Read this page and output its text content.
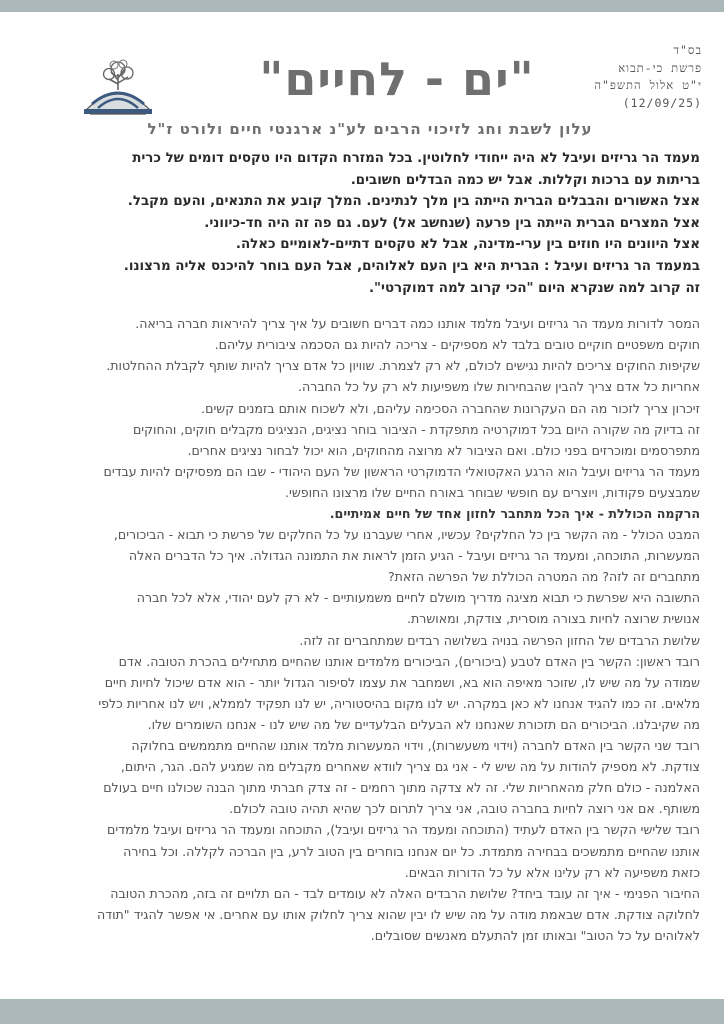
בס"ד
פרשת כי-תבוא
י"ט אלול התשפ"ה
(12/09/25)
"ים - לחיים"
עלון לשבת וחג לזיכוי הרבים לע"נ ארגנטי חיים ולורט ז"ל

מעמד הר גריזים ועיבל לא היה ייחודי לחלוטין. בכל המזרח הקדום היו טקסים דומים של כרית

בריתות עם ברכות וקללות. אבל יש כמה הבדלים חשובים.

אצל האשורים והבבלים הברית הייתה בין מלך לנתינים. המלך קובע את התנאים, והעם מקבל.

אצל המצרים הברית הייתה בין פרעה (שנחשב אל) לעם. גם פה זה היה חד-כיווני.

אצל היוונים היו חוזים בין ערי-מדינה, אבל לא טקסים דתיים-לאומיים כאלה.

במעמד הר גריזים ועיבל : הברית היא בין העם לאלוהים, אבל העם בוחר להיכנס אליה מרצונו.

זה קרוב למה שנקרא היום "הכי קרוב למה דמוקרטי".

המסר לדורות מעמד הר גריזים ועיבל מלמד אותנו כמה דברים חשובים על איך צריך להיראות חברה בריאה.

חוקים משפטיים חוקיים טובים בלבד לא מספיקים - צריכה להיות גם הסכמה ציבורית עליהם.

שקיפות החוקים צריכים להיות נגישים לכולם, לא רק לצמרת. שוויון כל אדם צריך להיות שותף לקבלת ההחלטות.

אחריות כל אדם צריך להבין שהבחירות שלו משפיעות לא רק על כל החברה.

זיכרון צריך לזכור מה הם העקרונות שהחברה הסכימה עליהם, ולא לשכוח אותם בזמנים קשים.

זה בדיוק מה שקורה היום בכל דמוקרטיה מתפקדת - הציבור בוחר נציגים, הנציגים מקבלים חוקים, והחוקים

מתפרסמים ומוכרזים בפני כולם. ואם הציבור לא מרוצה מהחוקים, הוא יכול לבחור נציגים אחרים.

מעמד הר גריזים ועיבל הוא הרגע האקטואלי הדמוקרטי הראשון של העם היהודי - שבו הם מפסיקים להיות עבדים

שמבצעים פקודות, ויוצרים עם חופשי שבוחר באורח החיים שלו מרצונו החופשי.

הרקמה הכוללת - איך הכל מתחבר לחזון אחד של חיים אמיתיים.

המבט הכולל - מה הקשר בין כל החלקים? עכשיו, אחרי שעברנו על כל החלקים של פרשת כי תבוא - הביכורים,

המעשרות, התוכחה, ומעמד הר גריזים ועיבל - הגיע הזמן לראות את התמונה הגדולה. איך כל הדברים האלה

מתחברים זה לזה? מה המטרה הכוללת של הפרשה הזאת?

התשובה היא שפרשת כי תבוא מציגה מדריך מושלם לחיים משמעותיים - לא רק לעם יהודי, אלא לכל חברה

אנושית שרוצה לחיות בצורה מוסרית, צודקת, ומאושרת.

שלושת הרבדים של החזון הפרשה בנויה בשלושה רבדים שמתחברים זה לזה.

רובד ראשון: הקשר בין האדם לטבע (ביכורים), הביכורים מלמדים אותנו שהחיים מתחילים בהכרת הטובה. אדם

שמודה על מה שיש לו, שזוכר מאיפה הוא בא, ושמחבר את עצמו לסיפור הגדול יותר - הוא אדם שיכול לחיות חיים

מלאים. זה כמו להגיד אנחנו לא כאן במקרה. יש לנו מקום בהיסטוריה, יש לנו תפקיד לממלא, ויש לנו אחריות כלפי

מה שקיבלנו. הביכורים הם תזכורת שאנחנו לא הבעלים הבלעדיים של מה שיש לנו - אנחנו השומרים שלו.

רובד שני הקשר בין האדם לחברה (וידוי משעשרות), וידוי המעשרות מלמד אותנו שהחיים מתממשים בחלוקה

צודקת. לא מספיק להודות על מה שיש לי - אני גם צריך לוודא שאחרים מקבלים מה שמגיע להם. הגר, היתום,

האלמנה - כולם חלק מהאחריות שלי. זה לא צדקה מתוך רחמים - זה צדק חברתי מתוך הבנה שכולנו חיים בעולם

משותף. אם אני רוצה לחיות בחברה טובה, אני צריך לתרום לכך שהיא תהיה טובה לכולם.

רובד שלישי הקשר בין האדם לעתיד (התוכחה ומעמד הר גריזים ועיבל), התוכחה ומעמד הר גריזים ועיבל מלמדים

אותנו שהחיים מתמשכים בבחירה מתמדת. כל יום אנחנו בוחרים בין הטוב לרע, בין הברכה לקללה. וכל בחירה

כזאת משפיעה לא רק עלינו אלא על כל הדורות הבאים.

החיבור הפנימי - איך זה עובד ביחד? שלושת הרבדים האלה לא עומדים לבד - הם תלויים זה בזה, מהכרת הטובה

לחלוקה צודקת. אדם שבאמת מודה על מה שיש לו יבין שהוא צריך לחלוק אותו עם אחרים. אי אפשר להגיד "תודה

לאלוהים על כל הטוב" ובאותו זמן להתעלם מאנשים שסובלים.
